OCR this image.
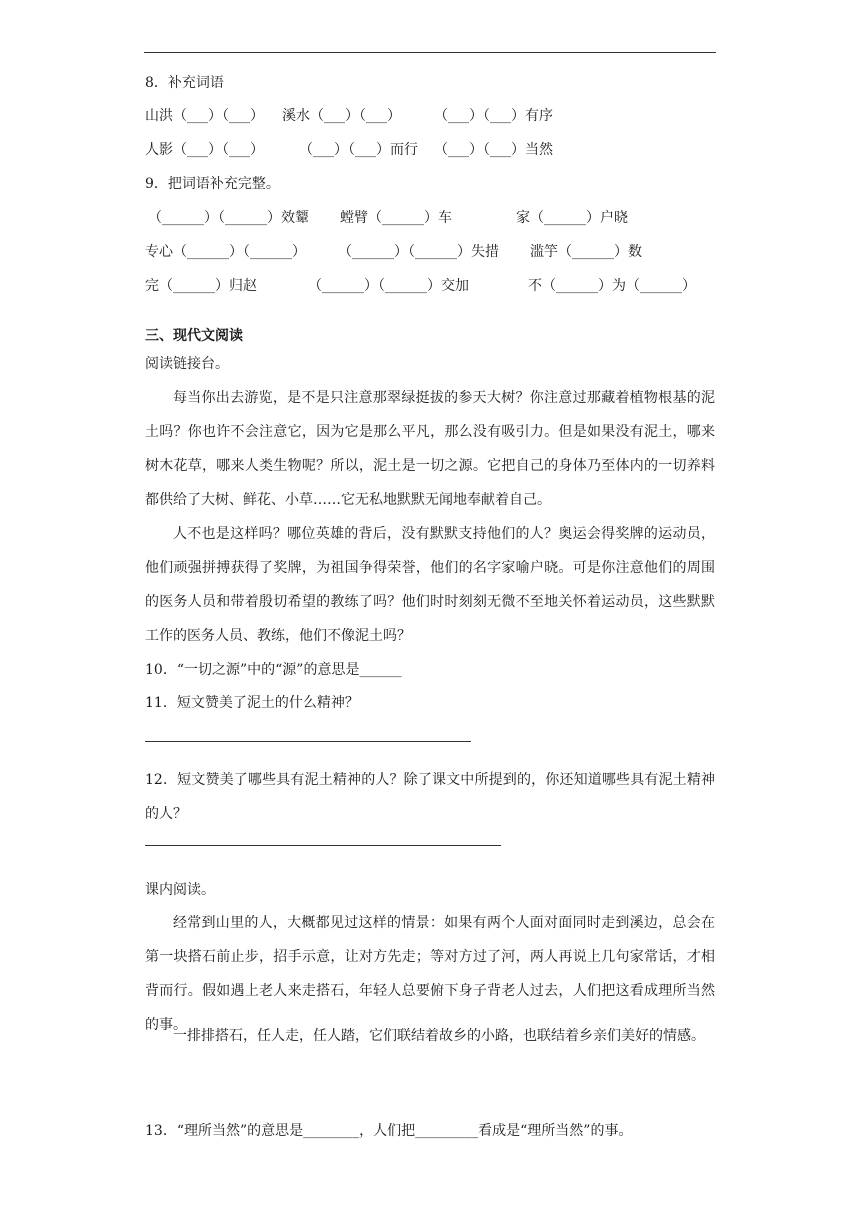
8．补充词语
山洪（___）（___） 溪水（___）（___） （___）（___）有序
人影（___）（___）	（___）（___）而行 （___）（___）当然
9．把词语补充完整。
（______）（______）效颦 螳臂（______）车	家（______）户晓
专心（______）（______） （______）（______）失措 滥竽（______）数
完（______）归赵	（______）（______）交加	不（______）为（______）
三、现代文阅读
阅读链接台。
每当你出去游览，是不是只注意那翠绿挺拔的参天大树？你注意过那藏着植物根基的泥土吗？你也许不会注意它，因为它是那么平凡，那么没有吸引力。但是如果没有泥土，哪来树木花草，哪来人类生物呢？所以，泥土是一切之源。它把自己的身体乃至体内的一切养料都供给了大树、鲜花、小草……它无私地默默无闻地奉献着自己。
人不也是这样吗？哪位英雄的背后，没有默默支持他们的人？奥运会得奖牌的运动员，他们顽强拼搏获得了奖牌，为祖国争得荣誉，他们的名字家喻户晓。可是你注意他们的周围的医务人员和带着殷切希望的教练了吗？他们时时刻刻无微不至地关怀着运动员，这些默默工作的医务人员、教练，他们不像泥土吗？
10．“一切之源”中的“源”的意思是______
11．短文赞美了泥土的什么精神？
12．短文赞美了哪些具有泥土精神的人？除了课文中所提到的，你还知道哪些具有泥土精神的人？
课内阅读。
经常到山里的人，大概都见过这样的情景：如果有两个人面对面同时走到溪边，总会在第一块搭石前止步，招手示意，让对方先走；等对方过了河，两人再说上几句家常话，才相背而行。假如遇上老人来走搭石，年轻人总要俯下身子背老人过去，人们把这看成理所当然的事。
一排排搭石，任人走，任人踏，它们联结着故乡的小路，也联结着乡亲们美好的情感。
13．“理所当然”的意思是________，人们把_________看成是“理所当然”的事。
